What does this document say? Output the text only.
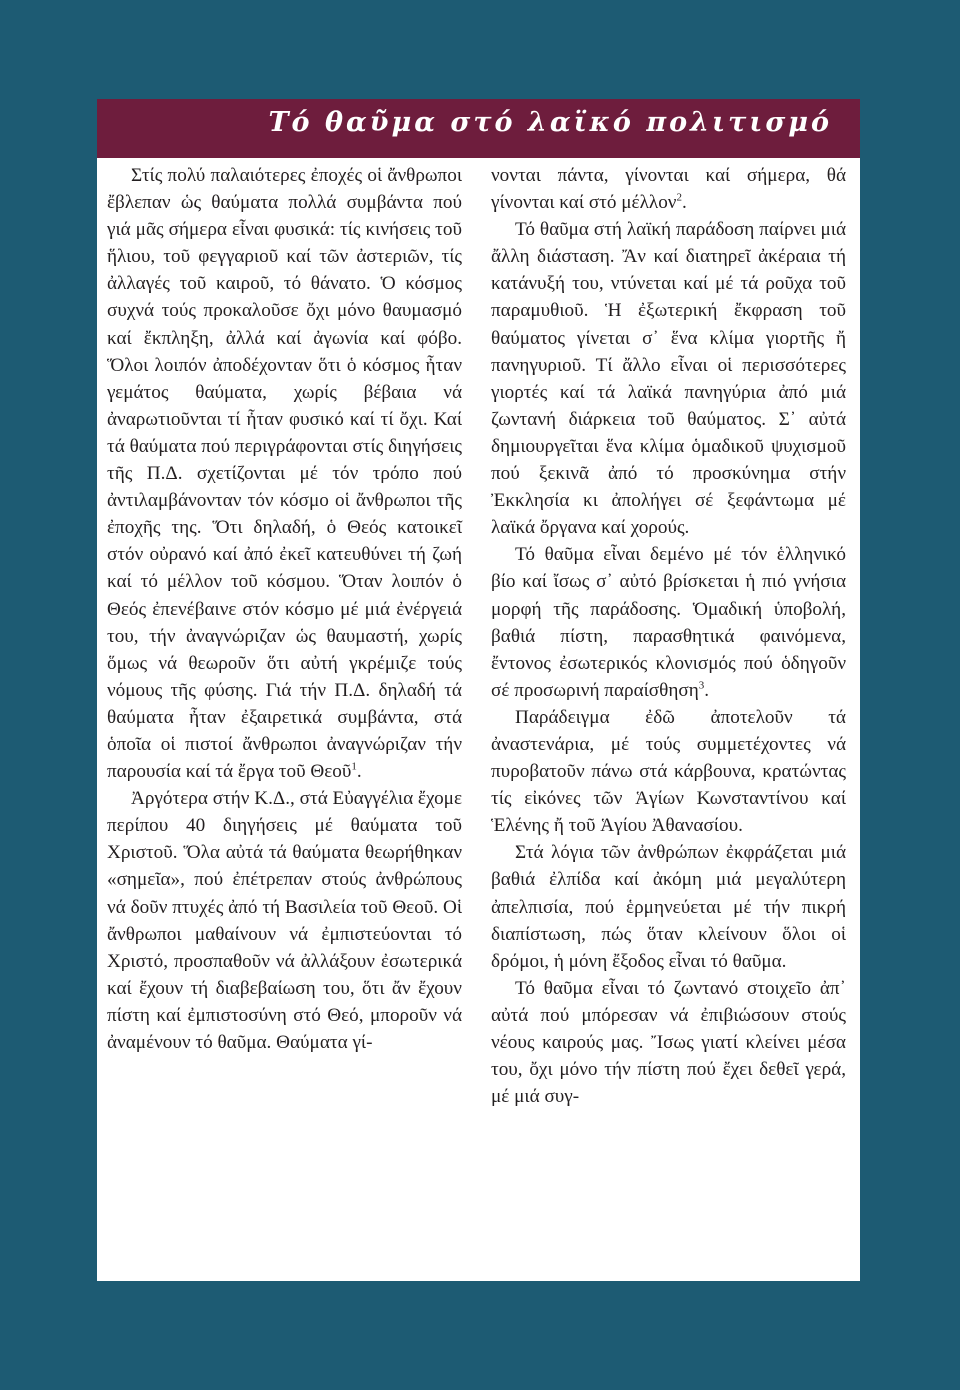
Τό θαῦμα στό λαϊκό πολιτισμό

Στίς πολύ παλαιότερες ἐποχές οἱ ἄνθρωποι ἔβλεπαν ὡς θαύματα πολλά συμβάντα πού γιά μᾶς σήμερα εἶναι φυσικά: τίς κινήσεις τοῦ ἥλιου, τοῦ φεγγαριοῦ καί τῶν ἀστεριῶν, τίς ἀλλαγές τοῦ καιροῦ, τό θάνατο. Ὁ κόσμος συχνά τούς προκαλοῦσε ὄχι μόνο θαυμασμό καί ἔκπληξη, ἀλλά καί ἀγωνία καί φόβο. Ὅλοι λοιπόν ἀποδέχονταν ὅτι ὁ κόσμος ἦταν γεμάτος θαύματα, χωρίς βέβαια νά ἀναρωτιοῦνται τί ἦταν φυσικό καί τί ὄχι. Καί τά θαύματα πού περιγράφονται στίς διηγήσεις τῆς Π.Δ. σχετίζονται μέ τόν τρόπο πού ἀντιλαμβάνονταν τόν κόσμο οἱ ἄνθρωποι τῆς ἐποχῆς της. Ὅτι δηλαδή, ὁ Θεός κατοικεῖ στόν οὐρανό καί ἀπό ἐκεῖ κατευθύνει τή ζωή καί τό μέλλον τοῦ κόσμου. Ὅταν λοιπόν ὁ Θεός ἐπενέβαινε στόν κόσμο μέ μιά ἐνέργειά του, τήν ἀναγνώριζαν ὡς θαυμαστή, χωρίς ὅμως νά θεωροῦν ὅτι αὐτή γκρέμιζε τούς νόμους τῆς φύσης. Γιά τήν Π.Δ. δηλαδή τά θαύματα ἦταν ἐξαιρετικά συμβάντα, στά ὁποῖα οἱ πιστοί ἄνθρωποι ἀναγνώριζαν τήν παρουσία καί τά ἔργα τοῦ Θεοῦ$^1$.

Ἀργότερα στήν Κ.Δ., στά Εὐαγγέλια ἔχομε περίπου 40 διηγήσεις μέ θαύματα τοῦ Χριστοῦ. Ὅλα αὐτά τά θαύματα θεωρήθηκαν «σημεῖα», πού ἐπέτρεπαν στούς ἀνθρώπους νά δοῦν πτυχές ἀπό τή Βασιλεία τοῦ Θεοῦ. Οἱ ἄνθρωποι μαθαίνουν νά ἐμπιστεύονται τό Χριστό, προσπαθοῦν νά ἀλλάξουν ἐσωτερικά καί ἔχουν τή διαβεβαίωση του, ὅτι ἄν ἔχουν πίστη καί ἐμπιστοσύνη στό Θεό, μποροῦν νά ἀναμένουν τό θαῦμα. Θαύματα γί-

νονται πάντα, γίνονται καί σήμερα, θά γίνονται καί στό μέλλον$^2$.

Τό θαῦμα στή λαϊκή παράδοση παίρνει μιά ἄλλη διάσταση. Ἄν καί διατηρεῖ ἀκέραια τή κατάνυξή του, ντύνεται καί μέ τά ροῦχα τοῦ παραμυθιοῦ. Ἡ ἐξωτερική ἔκφραση τοῦ θαύματος γίνεται σ᾿ ἕνα κλίμα γιορτῆς ἤ πανηγυριοῦ. Τί ἄλλο εἶναι οἱ περισσότερες γιορτές καί τά λαϊκά πανηγύρια ἀπό μιά ζωντανή διάρκεια τοῦ θαύματος. Σ᾿ αὐτά δημιουργεῖται ἕνα κλίμα ὁμαδικοῦ ψυχισμοῦ πού ξεκινᾶ ἀπό τό προσκύνημα στήν Ἐκκλησία κι ἀπολήγει σέ ξεφάντωμα μέ λαϊκά ὄργανα καί χορούς.

Τό θαῦμα εἶναι δεμένο μέ τόν ἑλληνικό βίο καί ἴσως σ᾿ αὐτό βρίσκεται ἡ πιό γνήσια μορφή τῆς παράδοσης. Ὁμαδική ὑποβολή, βαθιά πίστη, παρασθητικά φαινόμενα, ἔντονος ἐσωτερικός κλονισμός πού ὁδηγοῦν σέ προσωρινή παραίσθηση$^3$.

Παράδειγμα ἐδῶ ἀποτελοῦν τά ἀναστενάρια, μέ τούς συμμετέχοντες νά πυροβατοῦν πάνω στά κάρβουνα, κρατώντας τίς εἰκόνες τῶν Ἁγίων Κωνσταντίνου καί Ἑλένης ἤ τοῦ Ἁγίου Ἀθανασίου.

Στά λόγια τῶν ἀνθρώπων ἐκφράζεται μιά βαθιά ἐλπίδα καί ἀκόμη μιά μεγαλύτερη ἀπελπισία, πού ἑρμηνεύεται μέ τήν πικρή διαπίστωση, πώς ὅταν κλείνουν ὅλοι οἱ δρόμοι, ἡ μόνη ἔξοδος εἶναι τό θαῦμα.

Τό θαῦμα εἶναι τό ζωντανό στοιχεῖο ἀπ᾿ αὐτά πού μπόρεσαν νά ἐπιβιώσουν στούς νέους καιρούς μας. Ἴσως γιατί κλείνει μέσα του, ὄχι μόνο τήν πίστη πού ἔχει δεθεῖ γερά, μέ μιά συγ-
